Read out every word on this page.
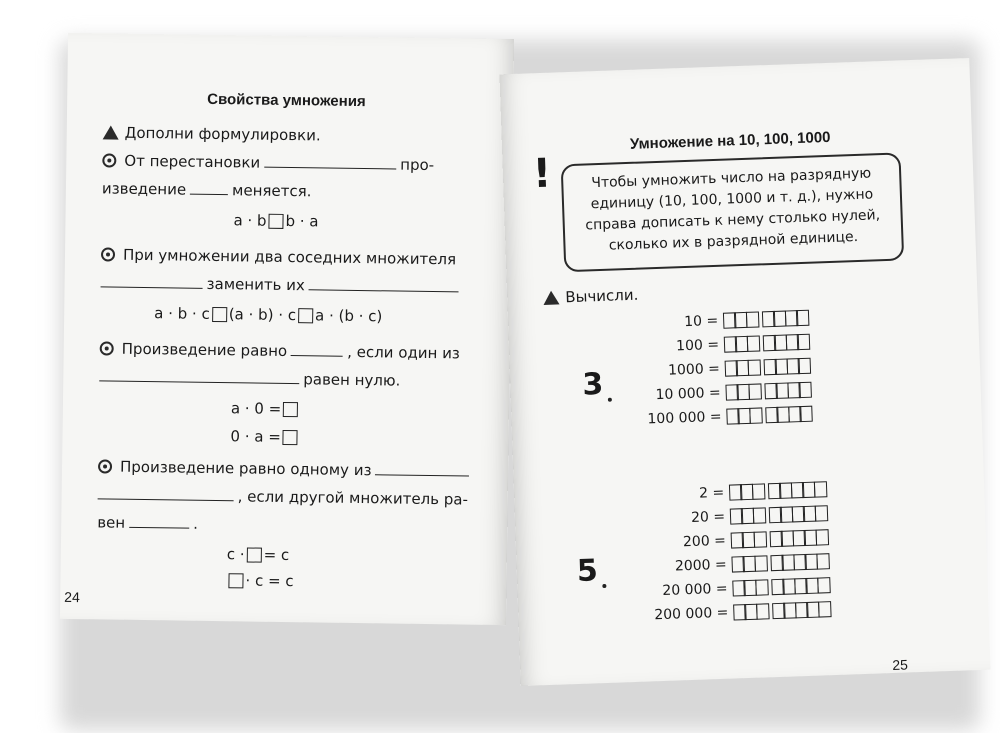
Свойства умножения
Дополни формулировки.
От перестановки	про-
изведение	меняется.
a · b b · a
При умножении два соседних множителя
заменить их
a · b · c (a · b) · c a · (b · c)
Произведение равно	, если один из
равен нулю.
a · 0 =
0 · a =
Произведение равно одному из
, если другой множитель ра-
вен	.
c · = c
· c = c
24
Умножение на 10, 100, 1000
!	Чтобы умножить число на разрядную
единицу (10, 100, 1000 и т. д.), нужно
справа дописать к нему столько нулей,
сколько их в разрядной единице.
Вычисли.
3
10 =
100 =
1000 =
10 000 =
100 000 =
5
2 =
20 =
200 =
2000 =
20 000 =
200 000 =
25
